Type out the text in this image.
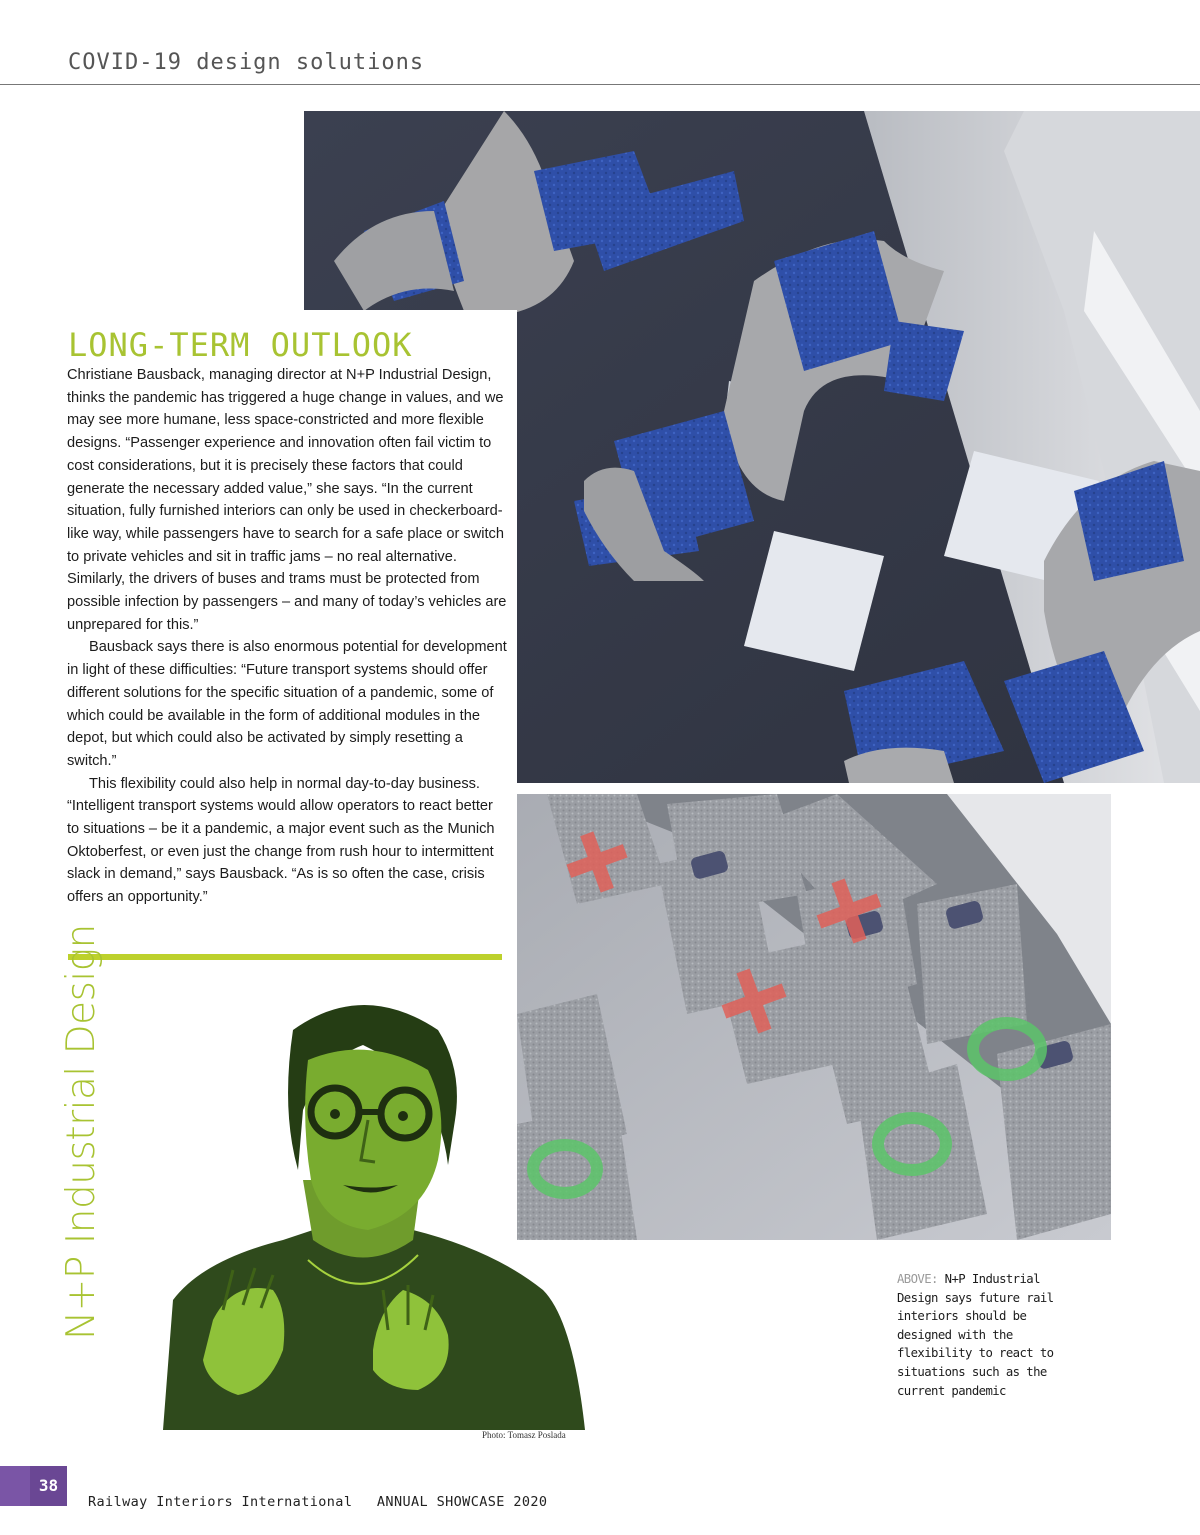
COVID-19 design solutions
LONG-TERM OUTLOOK

Christiane Bausback, managing director at N+P Industrial Design, thinks the pandemic has triggered a huge change in values, and we may see more humane, less space-constricted and more flexible designs. “Passenger experience and innovation often fail victim to cost considerations, but it is precisely these factors that could generate the necessary added value,” she says. “In the current situation, fully furnished interiors can only be used in checkerboard-like way, while passengers have to search for a safe place or switch to private vehicles and sit in traffic jams – no real alternative. Similarly, the drivers of buses and trams must be protected from possible infection by passengers – and many of today’s vehicles are unprepared for this.”

Bausback says there is also enormous potential for development in light of these difficulties: “Future transport systems should offer different solutions for the specific situation of a pandemic, some of which could be available in the form of additional modules in the depot, but which could also be activated by simply resetting a switch.”

This flexibility could also help in normal day-to-day business. “Intelligent transport systems would allow operators to react better to situations – be it a pandemic, a major event such as the Munich Oktoberfest, or even just the change from rush hour to intermittent slack in demand,” says Bausback. “As is so often the case, crisis offers an opportunity.”

N+P Industrial Design
Photo: Tomasz Poslada
ABOVE: N+P Industrial Design says future rail interiors should be designed with the flexibility to react to situations such as the current pandemic
38
Railway Interiors International ANNUAL SHOWCASE 2020
